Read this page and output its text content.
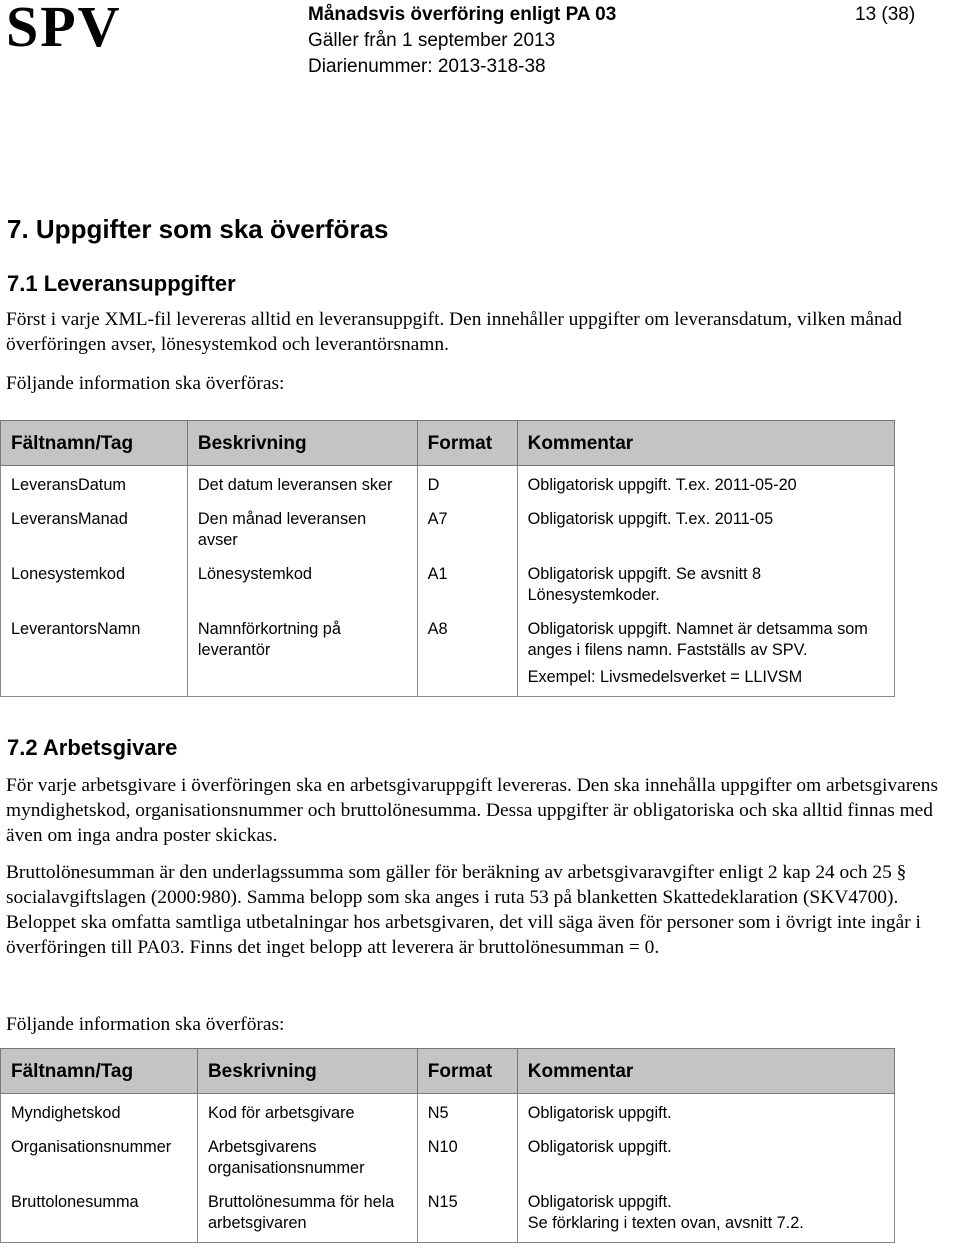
SPV	Månadsvis överföring enligt PA 03
Gäller från 1 september 2013
Diarienummer: 2013-318-38
13 (38)
7. Uppgifter som ska överföras
7.1 Leveransuppgifter
Först i varje XML-fil levereras alltid en leveransuppgift. Den innehåller uppgifter om leveransdatum, vilken månad överföringen avser, lönesystemkod och leverantörsnamn.
Följande information ska överföras:
Fältnamn/Tag	Beskrivning	Format	Kommentar
LeveransDatum	Det datum leveransen sker	D	Obligatorisk uppgift. T.ex. 2011-05-20
LeveransManad	Den månad leveransen avser	A7	Obligatorisk uppgift. T.ex. 2011-05
Lonesystemkod	Lönesystemkod	A1	Obligatorisk uppgift. Se avsnitt 8 Lönesystemkoder.
LeverantorsNamn	Namnförkortning på leverantör	A8	Obligatorisk uppgift. Namnet är detsamma som anges i filens namn. Fastställs av SPV.
Exempel: Livsmedelsverket = LLIVSM
7.2 Arbetsgivare
För varje arbetsgivare i överföringen ska en arbetsgivaruppgift levereras. Den ska innehålla uppgifter om arbetsgivarens myndighetskod, organisationsnummer och bruttolönesumma. Dessa uppgifter är obligatoriska och ska alltid finnas med även om inga andra poster skickas.
Bruttolönesumman är den underlagssumma som gäller för beräkning av arbetsgivaravgifter enligt 2 kap 24 och 25 § socialavgiftslagen (2000:980). Samma belopp som ska anges i ruta 53 på blanketten Skattedeklaration (SKV4700). Beloppet ska omfatta samtliga utbetalningar hos arbetsgivaren, det vill säga även för personer som i övrigt inte ingår i överföringen till PA03. Finns det inget belopp att leverera är bruttolönesumman = 0.
Följande information ska överföras:
Fältnamn/Tag	Beskrivning	Format	Kommentar
Myndighetskod	Kod för arbetsgivare	N5	Obligatorisk uppgift.
Organisationsnummer	Arbetsgivarens organisationsnummer	N10	Obligatorisk uppgift.
Bruttolonesumma	Bruttolönesumma för hela arbetsgivaren	N15	Obligatorisk uppgift.
Se förklaring i texten ovan, avsnitt 7.2.
